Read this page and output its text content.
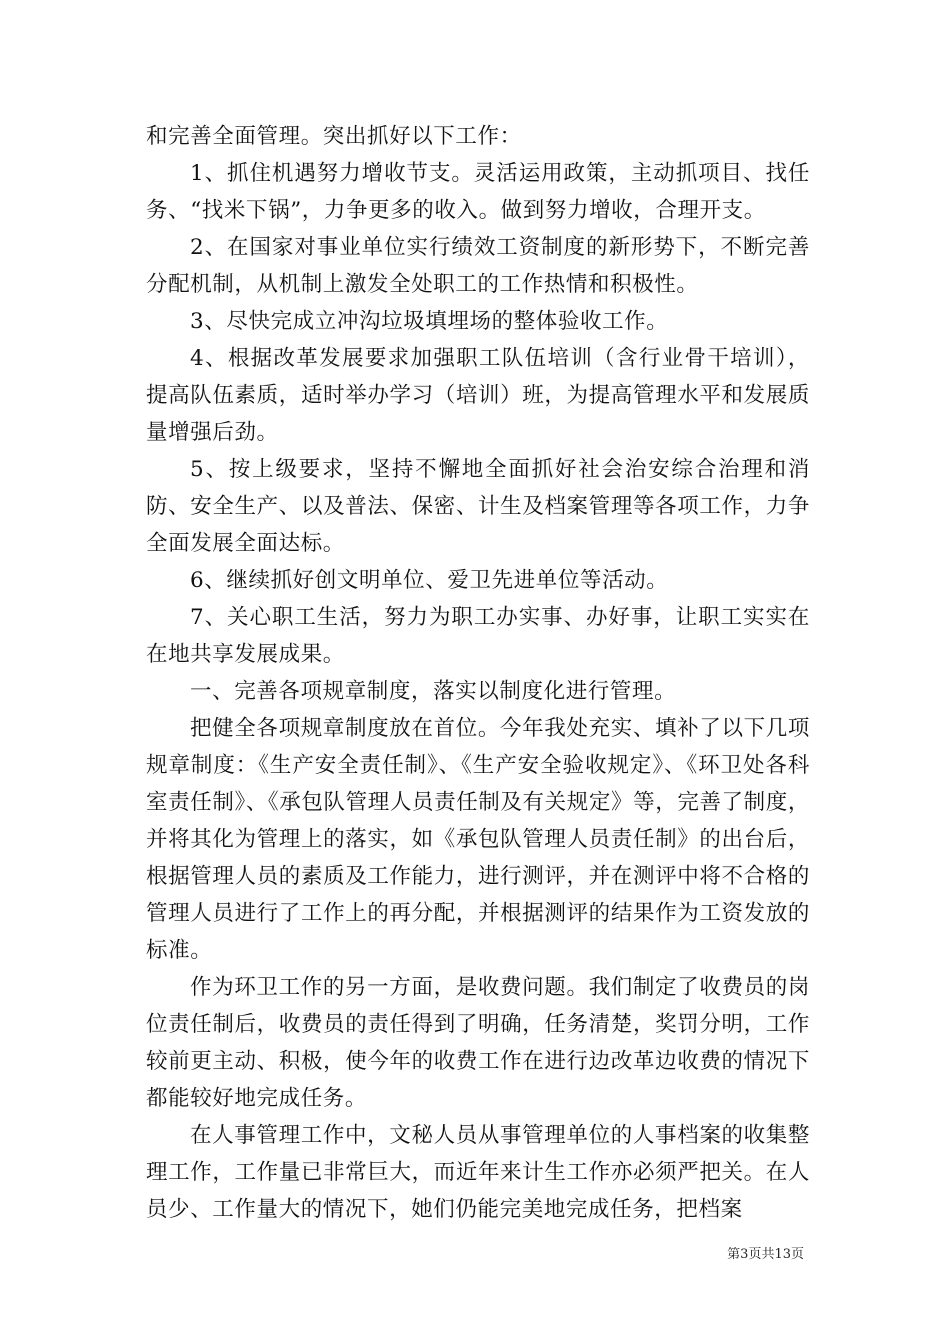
和完善全面管理。突出抓好以下工作：

1、抓住机遇努力增收节支。灵活运用政策，主动抓项目、找任务、“找米下锅”，力争更多的收入。做到努力增收，合理开支。

2、在国家对事业单位实行绩效工资制度的新形势下，不断完善分配机制，从机制上激发全处职工的工作热情和积极性。

3、尽快完成立冲沟垃圾填埋场的整体验收工作。

4、根据改革发展要求加强职工队伍培训（含行业骨干培训），提高队伍素质，适时举办学习（培训）班，为提高管理水平和发展质量增强后劲。

5、按上级要求，坚持不懈地全面抓好社会治安综合治理和消防、安全生产、以及普法、保密、计生及档案管理等各项工作，力争全面发展全面达标。

6、继续抓好创文明单位、爱卫先进单位等活动。

7、关心职工生活，努力为职工办实事、办好事，让职工实实在在地共享发展成果。

一、完善各项规章制度，落实以制度化进行管理。

把健全各项规章制度放在首位。今年我处充实、填补了以下几项规章制度：《生产安全责任制》、《生产安全验收规定》、《环卫处各科室责任制》、《承包队管理人员责任制及有关规定》等，完善了制度，并将其化为管理上的落实，如《承包队管理人员责任制》的出台后，根据管理人员的素质及工作能力，进行测评，并在测评中将不合格的管理人员进行了工作上的再分配，并根据测评的结果作为工资发放的标准。

作为环卫工作的另一方面，是收费问题。我们制定了收费员的岗位责任制后，收费员的责任得到了明确，任务清楚，奖罚分明，工作较前更主动、积极，使今年的收费工作在进行边改革边收费的情况下都能较好地完成任务。

在人事管理工作中，文秘人员从事管理单位的人事档案的收集整理工作，工作量已非常巨大，而近年来计生工作亦必须严把关。在人员少、工作量大的情况下，她们仍能完美地完成任务，把档案

第3页共13页
